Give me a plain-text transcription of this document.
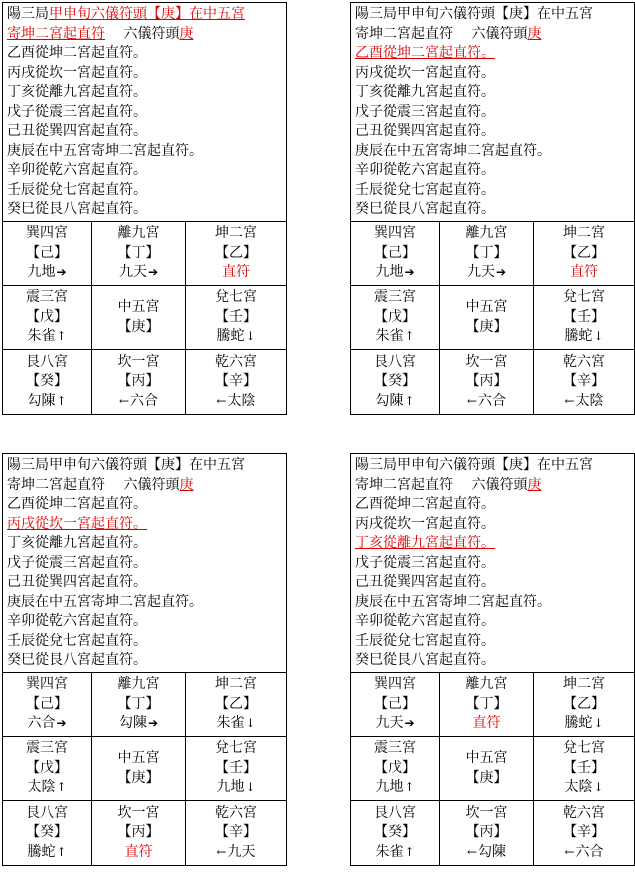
陽三局甲申旬六儀符頭【庚】在中五宮
寄坤二宮起直符　 六儀符頭庚
乙酉從坤二宮起直符。
丙戌從坎一宮起直符。
丁亥從離九宮起直符。
戊子從震三宮起直符。
己丑從巽四宮起直符。
庚辰在中五宮寄坤二宮起直符。
辛卯從乾六宮起直符。
壬辰從兌七宮起直符。
癸巳從艮八宮起直符。
巽四宮
【己】
九地➔
離九宮
【丁】
九天➔
坤二宮
【乙】
直符
震三宮
【戊】
朱雀↑
中五宮
【庚】
兌七宮
【壬】
騰蛇↓
艮八宮
【癸】
勾陳↑
坎一宮
【丙】
←六合
乾六宮
【辛】
←太陰
陽三局甲申旬六儀符頭【庚】在中五宮
寄坤二宮起直符　 六儀符頭庚
乙酉從坤二宮起直符。
丙戌從坎一宮起直符。
丁亥從離九宮起直符。
戊子從震三宮起直符。
己丑從巽四宮起直符。
庚辰在中五宮寄坤二宮起直符。
辛卯從乾六宮起直符。
壬辰從兌七宮起直符。
癸巳從艮八宮起直符。
巽四宮
【己】
九地➔
離九宮
【丁】
九天➔
坤二宮
【乙】
直符
震三宮
【戊】
朱雀↑
中五宮
【庚】
兌七宮
【壬】
騰蛇↓
艮八宮
【癸】
勾陳↑
坎一宮
【丙】
←六合
乾六宮
【辛】
←太陰
陽三局甲申旬六儀符頭【庚】在中五宮
寄坤二宮起直符　 六儀符頭庚
乙酉從坤二宮起直符。
丙戌從坎一宮起直符。
丁亥從離九宮起直符。
戊子從震三宮起直符。
己丑從巽四宮起直符。
庚辰在中五宮寄坤二宮起直符。
辛卯從乾六宮起直符。
壬辰從兌七宮起直符。
癸巳從艮八宮起直符。
巽四宮
【己】
六合➔
離九宮
【丁】
勾陳➔
坤二宮
【乙】
朱雀↓
震三宮
【戊】
太陰↑
中五宮
【庚】
兌七宮
【壬】
九地↓
艮八宮
【癸】
騰蛇↑
坎一宮
【丙】
直符
乾六宮
【辛】
←九天
陽三局甲申旬六儀符頭【庚】在中五宮
寄坤二宮起直符　 六儀符頭庚
乙酉從坤二宮起直符。
丙戌從坎一宮起直符。
丁亥從離九宮起直符。
戊子從震三宮起直符。
己丑從巽四宮起直符。
庚辰在中五宮寄坤二宮起直符。
辛卯從乾六宮起直符。
壬辰從兌七宮起直符。
癸巳從艮八宮起直符。
巽四宮
【己】
九天➔
離九宮
【丁】
直符
坤二宮
【乙】
騰蛇↓
震三宮
【戊】
九地↑
中五宮
【庚】
兌七宮
【壬】
太陰↓
艮八宮
【癸】
朱雀↑
坎一宮
【丙】
←勾陳
乾六宮
【辛】
←六合
